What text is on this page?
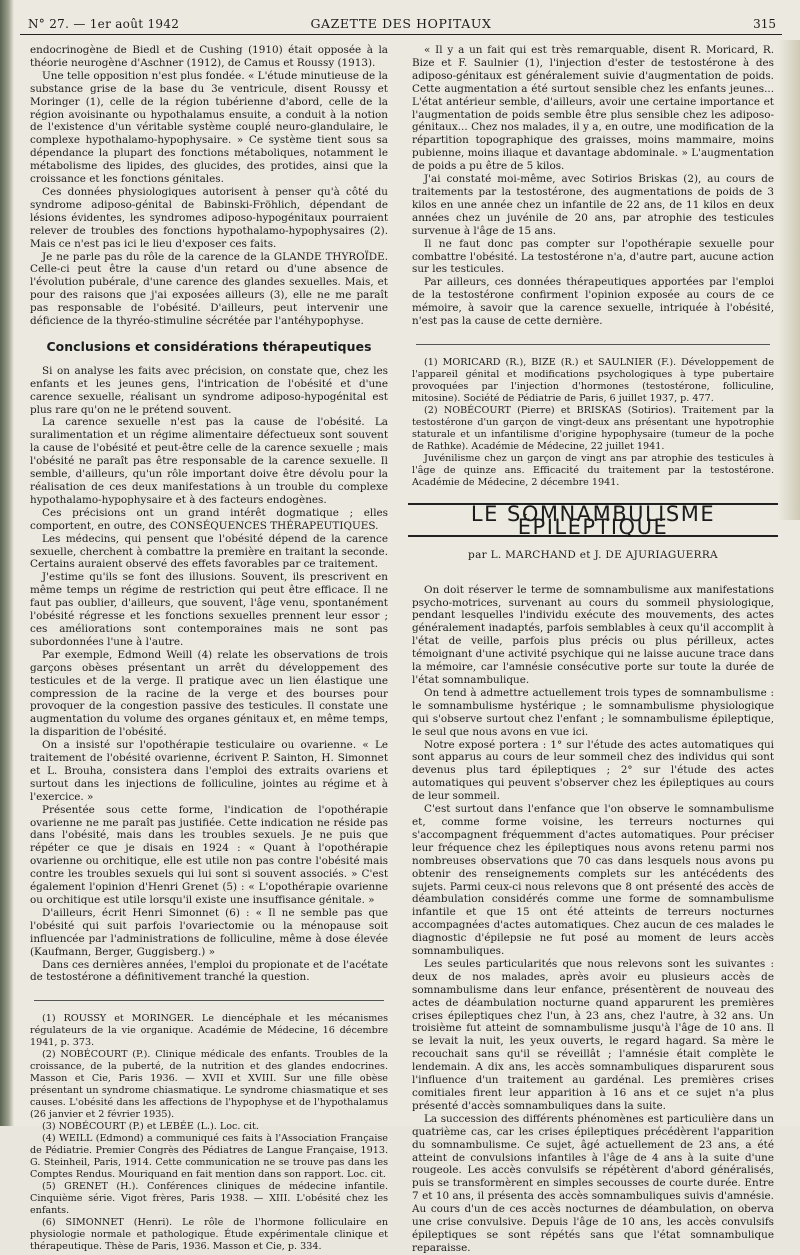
N° 27. — 1er août 1942	GAZETTE DES HOPITAUX	315

endocrinogène de Biedl et de Cushing (1910) était opposée à la théorie neurogène d'Aschner (1912), de Camus et Roussy (1913).

Une telle opposition n'est plus fondée. « L'étude minutieuse de la substance grise de la base du 3e ventricule, disent Roussy et Moringer (1), celle de la région tubérienne d'abord, celle de la région avoisinante ou hypothalamus ensuite, a conduit à la notion de l'existence d'un véritable système couplé neuro-glandulaire, le complexe hypothalamo-hypophysaire. » Ce système tient sous sa dépendance la plupart des fonctions métaboliques, notamment le métabolisme des lipides, des glucides, des protides, ainsi que la croissance et les fonctions génitales.

Ces données physiologiques autorisent à penser qu'à côté du syndrome adiposo-génital de Babinski-Fröhlich, dépendant de lésions évidentes, les syndromes adiposo-hypogénitaux pourraient relever de troubles des fonctions hypothalamo-hypophysaires (2). Mais ce n'est pas ici le lieu d'exposer ces faits.

Je ne parle pas du rôle de la carence de la GLANDE THYROÏDE. Celle-ci peut être la cause d'un retard ou d'une absence de l'évolution pubérale, d'une carence des glandes sexuelles. Mais, et pour des raisons que j'ai exposées ailleurs (3), elle ne me paraît pas responsable de l'obésité. D'ailleurs, peut intervenir une déficience de la thyréo-stimuline sécrétée par l'antéhypophyse.

Conclusions et considérations thérapeutiques

Si on analyse les faits avec précision, on constate que, chez les enfants et les jeunes gens, l'intrication de l'obésité et d'une carence sexuelle, réalisant un syndrome adiposo-hypogénital est plus rare qu'on ne le prétend souvent.

La carence sexuelle n'est pas la cause de l'obésité. La suralimentation et un régime alimentaire défectueux sont souvent la cause de l'obésité et peut-être celle de la carence sexuelle ; mais l'obésité ne paraît pas être responsable de la carence sexuelle. Il semble, d'ailleurs, qu'un rôle important doive être dévolu pour la réalisation de ces deux manifestations à un trouble du complexe hypothalamo-hypophysaire et à des facteurs endogènes.

Ces précisions ont un grand intérêt dogmatique ; elles comportent, en outre, des CONSÉQUENCES THÉRAPEUTIQUES.

Les médecins, qui pensent que l'obésité dépend de la carence sexuelle, cherchent à combattre la première en traitant la seconde. Certains auraient observé des effets favorables par ce traitement.

J'estime qu'ils se font des illusions. Souvent, ils prescrivent en même temps un régime de restriction qui peut être efficace. Il ne faut pas oublier, d'ailleurs, que souvent, l'âge venu, spontanément l'obésité régresse et les fonctions sexuelles prennent leur essor ; ces améliorations sont contemporaines mais ne sont pas subordonnées l'une à l'autre.

Par exemple, Edmond Weill (4) relate les observations de trois garçons obèses présentant un arrêt du développement des testicules et de la verge. Il pratique avec un lien élastique une compression de la racine de la verge et des bourses pour provoquer de la congestion passive des testicules. Il constate une augmentation du volume des organes génitaux et, en même temps, la disparition de l'obésité.

On a insisté sur l'opothérapie testiculaire ou ovarienne. « Le traitement de l'obésité ovarienne, écrivent P. Sainton, H. Simonnet et L. Brouha, consistera dans l'emploi des extraits ovariens et surtout dans les injections de folliculine, jointes au régime et à l'exercice. »

Présentée sous cette forme, l'indication de l'opothérapie ovarienne ne me paraît pas justifiée. Cette indication ne réside pas dans l'obésité, mais dans les troubles sexuels. Je ne puis que répéter ce que je disais en 1924 : « Quant à l'opothérapie ovarienne ou orchitique, elle est utile non pas contre l'obésité mais contre les troubles sexuels qui lui sont si souvent associés. » C'est également l'opinion d'Henri Grenet (5) : « L'opothérapie ovarienne ou orchitique est utile lorsqu'il existe une insuffisance génitale. »

D'ailleurs, écrit Henri Simonnet (6) : « Il ne semble pas que l'obésité qui suit parfois l'ovariectomie ou la ménopause soit influencée par l'administrations de folliculine, même à dose élevée (Kaufmann, Berger, Guggisberg.) »

Dans ces dernières années, l'emploi du propionate et de l'acétate de testostérone a définitivement tranché la question.

(1) ROUSSY et MORINGER. Le diencéphale et les mécanismes régulateurs de la vie organique. Académie de Médecine, 16 décembre 1941, p. 373.

(2) NOBÉCOURT (P.). Clinique médicale des enfants. Troubles de la croissance, de la puberté, de la nutrition et des glandes endocrines. Masson et Cie, Paris 1936. — XVII et XVIII. Sur une fille obèse présentant un syndrome chiasmatique. Le syndrome chiasmatique et ses causes. L'obésité dans les affections de l'hypophyse et de l'hypothalamus (26 janvier et 2 février 1935).

(3) NOBÉCOURT (P.) et LEBÉE (L.). Loc. cit.

(4) WEILL (Edmond) a communiqué ces faits à l'Association Française de Pédiatrie. Premier Congrès des Pédiatres de Langue Française, 1913. G. Steinheil, Paris, 1914. Cette communication ne se trouve pas dans les Comptes Rendus. Mouriquand en fait mention dans son rapport. Loc. cit.

(5) GRENET (H.). Conférences cliniques de médecine infantile. Cinquième série. Vigot frères, Paris 1938. — XIII. L'obésité chez les enfants.

(6) SIMONNET (Henri). Le rôle de l'hormone folliculaire en physiologie normale et pathologique. Étude expérimentale clinique et thérapeutique. Thèse de Paris, 1936. Masson et Cie, p. 334.

« Il y a un fait qui est très remarquable, disent R. Moricard, R. Bize et F. Saulnier (1), l'injection d'ester de testostérone à des adiposo-génitaux est généralement suivie d'augmentation de poids. Cette augmentation a été surtout sensible chez les enfants jeunes... L'état antérieur semble, d'ailleurs, avoir une certaine importance et l'augmentation de poids semble être plus sensible chez les adiposo-génitaux... Chez nos malades, il y a, en outre, une modification de la répartition topographique des graisses, moins mammaire, moins pubienne, moins iliaque et davantage abdominale. » L'augmentation de poids a pu être de 5 kilos.

J'ai constaté moi-même, avec Sotirios Briskas (2), au cours de traitements par la testostérone, des augmentations de poids de 3 kilos en une année chez un infantile de 22 ans, de 11 kilos en deux années chez un juvénile de 20 ans, par atrophie des testicules survenue à l'âge de 15 ans.

Il ne faut donc pas compter sur l'opothérapie sexuelle pour combattre l'obésité. La testostérone n'a, d'autre part, aucune action sur les testicules.

Par ailleurs, ces données thérapeutiques apportées par l'emploi de la testostérone confirment l'opinion exposée au cours de ce mémoire, à savoir que la carence sexuelle, intriquée à l'obésité, n'est pas la cause de cette dernière.

(1) MORICARD (R.), BIZE (R.) et SAULNIER (F.). Développement de l'appareil génital et modifications psychologiques à type pubertaire provoquées par l'injection d'hormones (testostérone, folliculine, mitosine). Société de Pédiatrie de Paris, 6 juillet 1937, p. 477.

(2) NOBÉCOURT (Pierre) et BRISKAS (Sotirios). Traitement par la testostérone d'un garçon de vingt-deux ans présentant une hypotrophie staturale et un infantilisme d'origine hypophysaire (tumeur de la poche de Rathke). Académie de Médecine, 22 juillet 1941.

Juvénilisme chez un garçon de vingt ans par atrophie des testicules à l'âge de quinze ans. Efficacité du traitement par la testostérone. Académie de Médecine, 2 décembre 1941.

LE SOMNAMBULISME ÉPILEPTIQUE
par L. MARCHAND et J. DE AJURIAGUERRA

On doit réserver le terme de somnambulisme aux manifestations psycho-motrices, survenant au cours du sommeil physiologique, pendant lesquelles l'individu exécute des mouvements, des actes généralement inadaptés, parfois semblables à ceux qu'il accomplit à l'état de veille, parfois plus précis ou plus périlleux, actes témoignant d'une activité psychique qui ne laisse aucune trace dans la mémoire, car l'amnésie consécutive porte sur toute la durée de l'état somnambulique.

On tend à admettre actuellement trois types de somnambulisme : le somnambulisme hystérique ; le somnambulisme physiologique qui s'observe surtout chez l'enfant ; le somnambulisme épileptique, le seul que nous avons en vue ici.

Notre exposé portera : 1° sur l'étude des actes automatiques qui sont apparus au cours de leur sommeil chez des individus qui sont devenus plus tard épileptiques ; 2° sur l'étude des actes automatiques qui peuvent s'observer chez les épileptiques au cours de leur sommeil.

C'est surtout dans l'enfance que l'on observe le somnambulisme et, comme forme voisine, les terreurs nocturnes qui s'accompagnent fréquemment d'actes automatiques. Pour préciser leur fréquence chez les épileptiques nous avons retenu parmi nos nombreuses observations que 70 cas dans lesquels nous avons pu obtenir des renseignements complets sur les antécédents des sujets. Parmi ceux-ci nous relevons que 8 ont présenté des accès de déambulation considérés comme une forme de somnambulisme infantile et que 15 ont été atteints de terreurs nocturnes accompagnées d'actes automatiques. Chez aucun de ces malades le diagnostic d'épilepsie ne fut posé au moment de leurs accès somnambuliques.

Les seules particularités que nous relevons sont les suivantes : deux de nos malades, après avoir eu plusieurs accès de somnambulisme dans leur enfance, présentèrent de nouveau des actes de déambulation nocturne quand apparurent les premières crises épileptiques chez l'un, à 23 ans, chez l'autre, à 32 ans. Un troisième fut atteint de somnambulisme jusqu'à l'âge de 10 ans. Il se levait la nuit, les yeux ouverts, le regard hagard. Sa mère le recouchait sans qu'il se réveillât ; l'amnésie était complète le lendemain. A dix ans, les accès somnambuliques disparurent sous l'influence d'un traitement au gardénal. Les premières crises comitiales firent leur apparition à 16 ans et ce sujet n'a plus présenté d'accès somnambuliques dans la suite.

La succession des différents phénomènes est particulière dans un quatrième cas, car les crises épileptiques précédèrent l'apparition du somnambulisme. Ce sujet, âgé actuellement de 23 ans, a été atteint de convulsions infantiles à l'âge de 4 ans à la suite d'une rougeole. Les accès convulsifs se répétèrent d'abord généralisés, puis se transformèrent en simples secousses de courte durée. Entre 7 et 10 ans, il présenta des accès somnambuliques suivis d'amnésie. Au cours d'un de ces accès nocturnes de déambulation, on oberva une crise convulsive. Depuis l'âge de 10 ans, les accès convulsifs épileptiques se sont répétés sans que l'état somnambulique reparaisse.
